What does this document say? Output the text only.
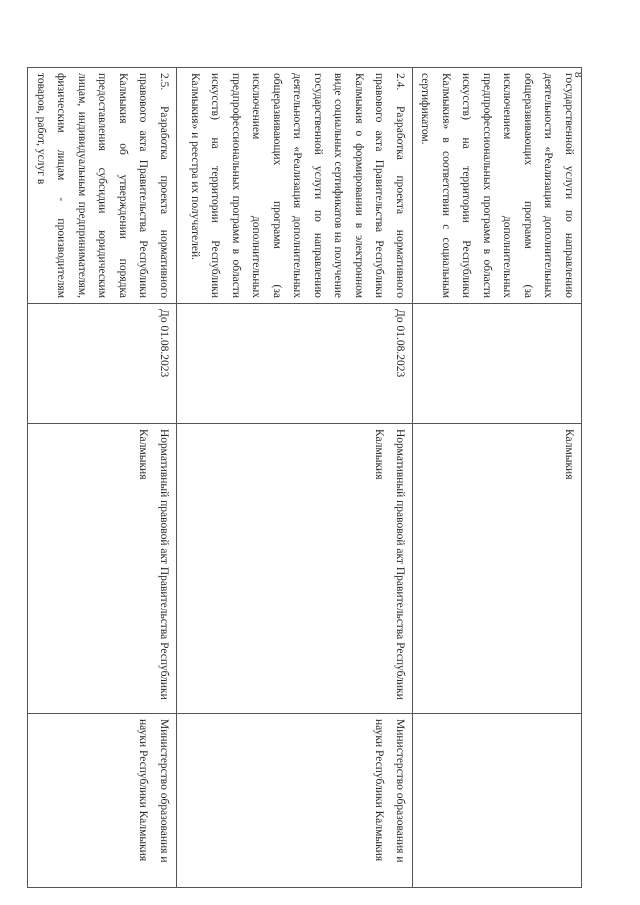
8
государственной услуги по направлению деятельности «Реализация дополнительных общеразвивающих программ (за исключением дополнительных предпрофессиональных программ в области искусств) на территории Республики Калмыкия» в соответствии с социальным сертификатом.		Калмыкия	
2.4. Разработка проекта нормативного правового акта Правительства Республики Калмыкия о формировании в электронном виде социальных сертификатов на получение государственной услуги по направлению деятельности «Реализация дополнительных общеразвивающих программ (за исключением дополнительных предпрофессиональных программ в области искусств) на территории Республики Калмыкия» и реестра их получателей.	До 01.08.2023	Нормативный правовой акт Правительства Республики Калмыкия	Министерство образования и науки Республики Калмыкия
2.5. Разработка проекта нормативного правового акта Правительства Республики Калмыкия об утверждении порядка предоставления субсидии юридическим лицам, индивидуальным предпринимателям, физическим лицам - производителям товаров, работ, услуг в	До 01.08.2023	Нормативный правовой акт Правительства Республики Калмыкия	Министерство образования и науки Республики Калмыкия
